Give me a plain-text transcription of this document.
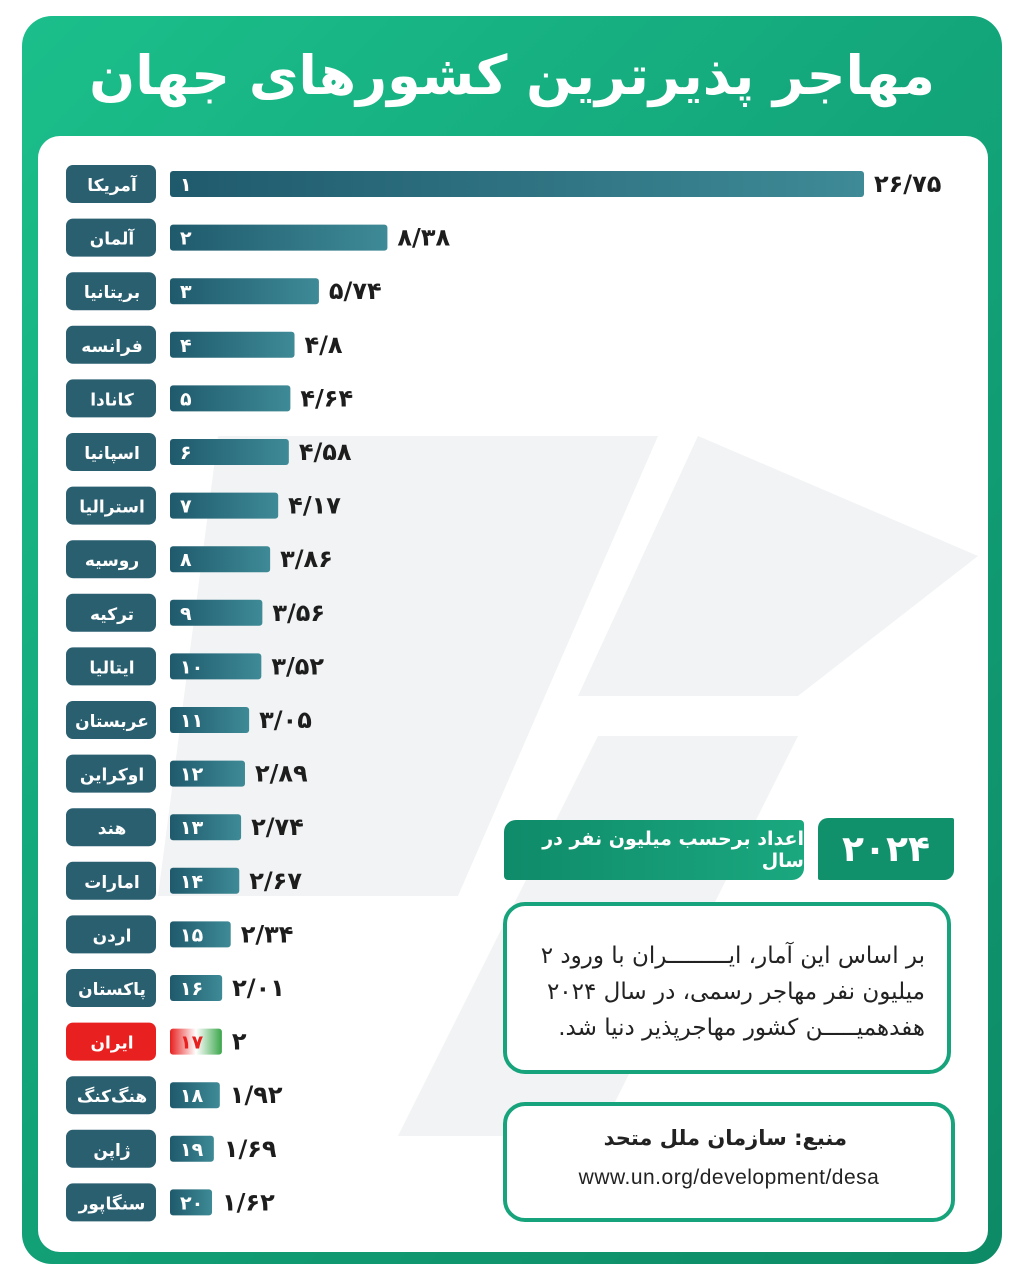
مهاجر پذیرترین کشورهای جهان
آمریکا ۱	۲۶/۷۵
آلمان ۲	۸/۳۸
بریتانیا ۳	۵/۷۴
فرانسه ۴	۴/۸
کانادا ۵	۴/۶۴
اسپانیا ۶	۴/۵۸
استرالیا ۷	۴/۱۷
روسیه ۸	۳/۸۶
ترکیه ۹	۳/۵۶
ایتالیا ۱۰	۳/۵۲
عربستان ۱۱ ۳/۰۵
اوکراین ۱۲ ۲/۸۹
هند	۱۳ ۲/۷۴
امارات ۱۴ ۲/۶۷
اردن	۱۵ ۲/۳۴
پاکستان ۱۶ ۲/۰۱
ایران ۱۷ ۲
هنگ‌کنگ ۱۸ ۱/۹۲
ژاپن	۱۹ ۱/۶۹
سنگاپور ۲۰ ۱/۶۲
اعداد برحسب میلیون نفر در سال	۲۰۲۴
بر اساس این آمار، ایـــــــــران با ورود ۲ میلیون نفر مهاجر رسمی، در سال ۲۰۲۴ هفدهمیـــــن کشور مهاجرپذیر دنیا شد.
منبع: سازمان ملل متحد
www.un.org/development/desa
